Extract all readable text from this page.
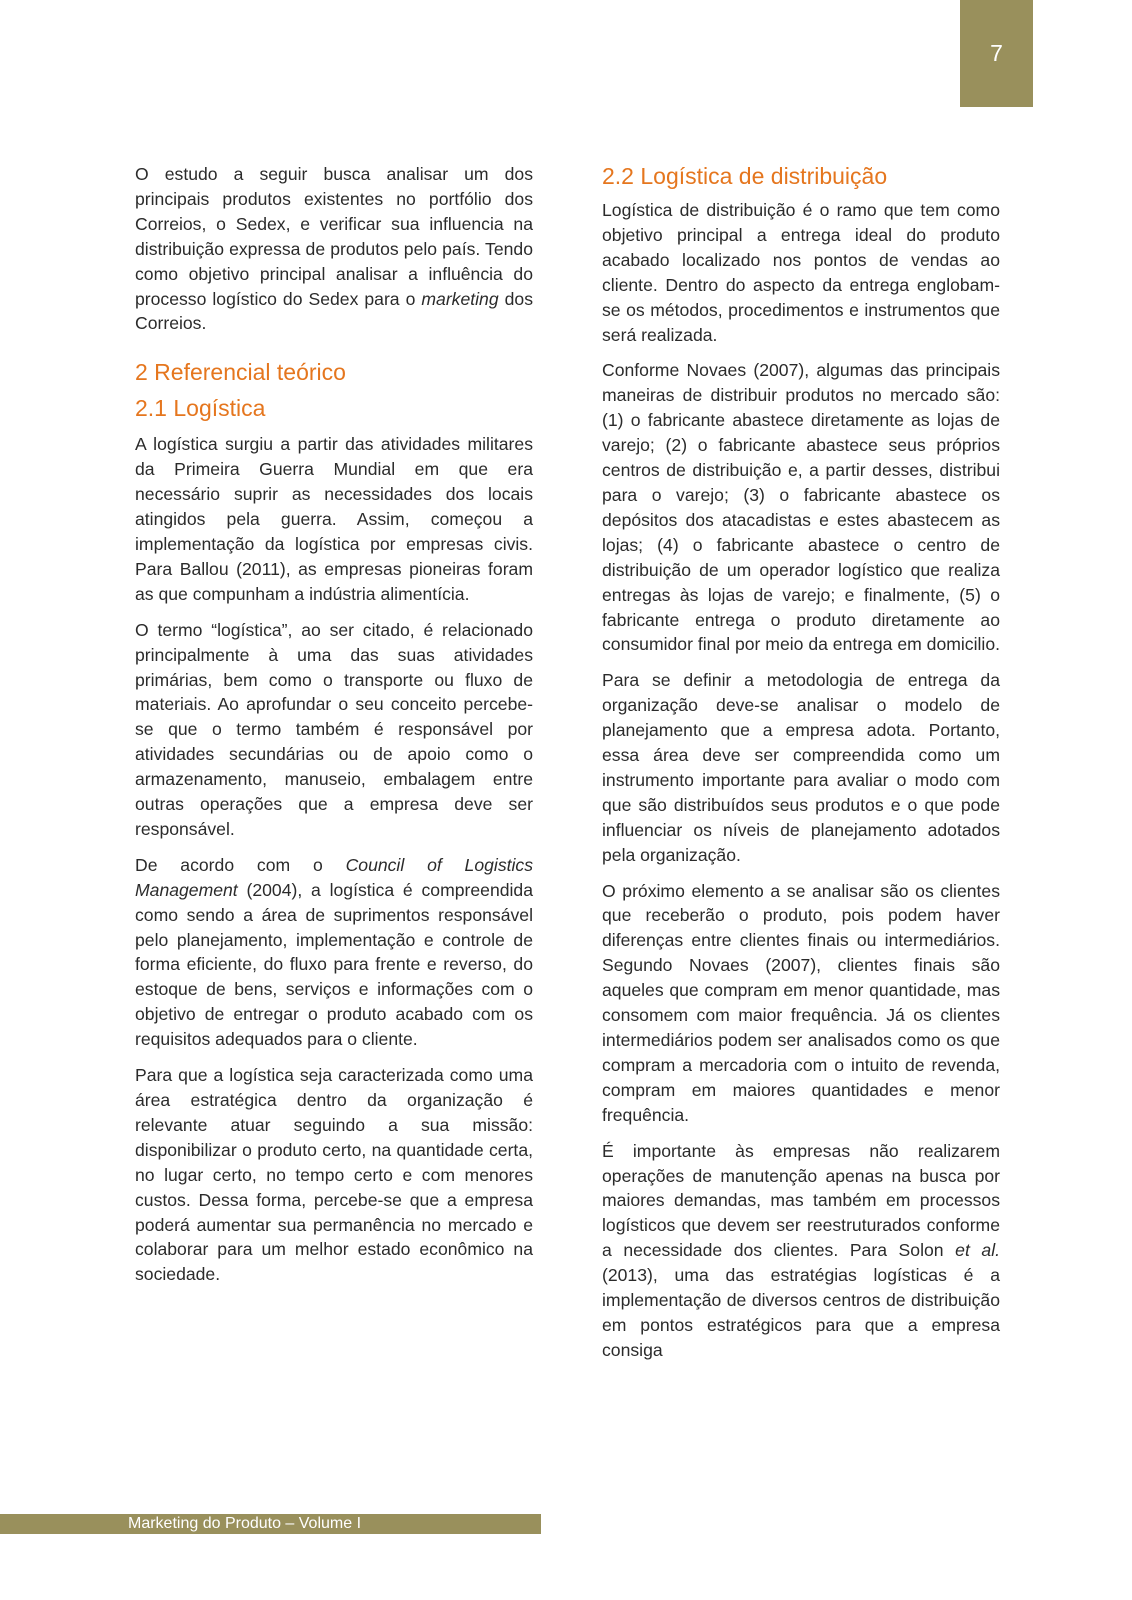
7

O estudo a seguir busca analisar um dos principais produtos existentes no portfólio dos Correios, o Sedex, e verificar sua influencia na distribuição expressa de produtos pelo país. Tendo como objetivo principal analisar a influência do processo logístico do Sedex para o marketing dos Correios.

2 Referencial teórico
2.1 Logística

A logística surgiu a partir das atividades militares da Primeira Guerra Mundial em que era necessário suprir as necessidades dos locais atingidos pela guerra. Assim, começou a implementação da logística por empresas civis. Para Ballou (2011), as empresas pioneiras foram as que compunham a indústria alimentícia.

O termo “logística”, ao ser citado, é relacionado principalmente à uma das suas atividades primárias, bem como o transporte ou fluxo de materiais. Ao aprofundar o seu conceito percebe-se que o termo também é responsável por atividades secundárias ou de apoio como o armazenamento, manuseio, embalagem entre outras operações que a empresa deve ser responsável.

De acordo com o Council of Logistics Management (2004), a logística é compreendida como sendo a área de suprimentos responsável pelo planejamento, implementação e controle de forma eficiente, do fluxo para frente e reverso, do estoque de bens, serviços e informações com o objetivo de entregar o produto acabado com os requisitos adequados para o cliente.

Para que a logística seja caracterizada como uma área estratégica dentro da organização é relevante atuar seguindo a sua missão: disponibilizar o produto certo, na quantidade certa, no lugar certo, no tempo certo e com menores custos. Dessa forma, percebe-se que a empresa poderá aumentar sua permanência no mercado e colaborar para um melhor estado econômico na sociedade.

2.2 Logística de distribuição

Logística de distribuição é o ramo que tem como objetivo principal a entrega ideal do produto acabado localizado nos pontos de vendas ao cliente. Dentro do aspecto da entrega englobam-se os métodos, procedimentos e instrumentos que será realizada.

Conforme Novaes (2007), algumas das principais maneiras de distribuir produtos no mercado são: (1) o fabricante abastece diretamente as lojas de varejo; (2) o fabricante abastece seus próprios centros de distribuição e, a partir desses, distribui para o varejo; (3) o fabricante abastece os depósitos dos atacadistas e estes abastecem as lojas; (4) o fabricante abastece o centro de distribuição de um operador logístico que realiza entregas às lojas de varejo; e finalmente, (5) o fabricante entrega o produto diretamente ao consumidor final por meio da entrega em domicilio.

Para se definir a metodologia de entrega da organização deve-se analisar o modelo de planejamento que a empresa adota. Portanto, essa área deve ser compreendida como um instrumento importante para avaliar o modo com que são distribuídos seus produtos e o que pode influenciar os níveis de planejamento adotados pela organização.

O próximo elemento a se analisar são os clientes que receberão o produto, pois podem haver diferenças entre clientes finais ou intermediários. Segundo Novaes (2007), clientes finais são aqueles que compram em menor quantidade, mas consomem com maior frequência. Já os clientes intermediários podem ser analisados como os que compram a mercadoria com o intuito de revenda, compram em maiores quantidades e menor frequência.

É importante às empresas não realizarem operações de manutenção apenas na busca por maiores demandas, mas também em processos logísticos que devem ser reestruturados conforme a necessidade dos clientes. Para Solon et al. (2013), uma das estratégias logísticas é a implementação de diversos centros de distribuição em pontos estratégicos para que a empresa consiga

Marketing do Produto – Volume I
